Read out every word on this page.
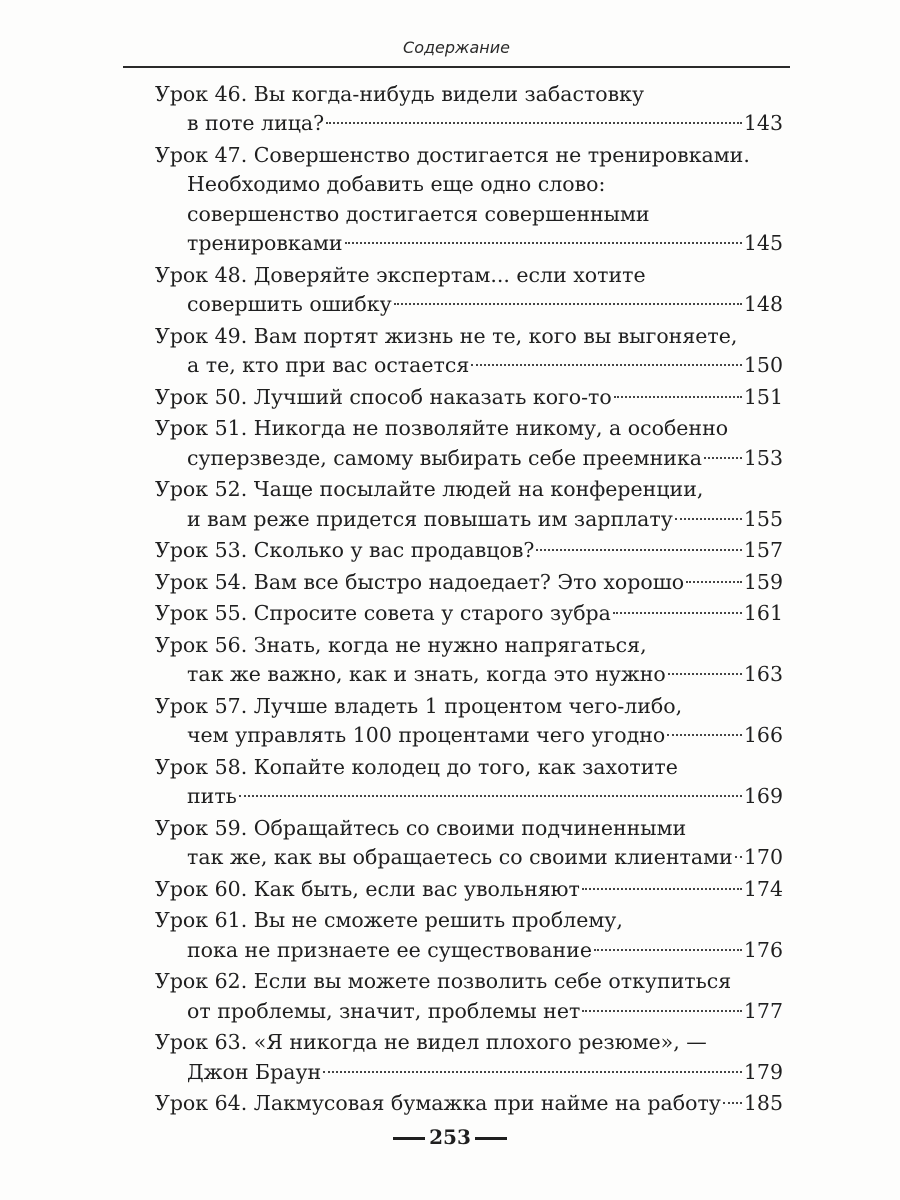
Содержание
Урок 46.
Вы когда-нибудь видели забастовку
в поте лица?	143
Урок 47.
Совершенство достигается не тренировками.
Необходимо добавить еще одно слово:
совершенство достигается совершенными
тренировками	145
Урок 48.
Доверяйте экспертам... если хотите
совершить ошибку	148
Урок 49.
Вам портят жизнь не те, кого вы выгоняете,
а те, кто при вас остается	150
Урок 50.
Лучший способ наказать кого-то	151
Урок 51.
Никогда не позволяйте никому, а особенно
суперзвезде, самому выбирать себе преемника 153
Урок 52.
Чаще посылайте людей на конференции,
и вам реже придется повышать им зарплату	155
Урок 53.
Сколько у вас продавцов?	157
Урок 54.
Вам все быстро надоедает? Это хорошо	159
Урок 55.
Спросите совета у старого зубра	161
Урок 56.
Знать, когда не нужно напрягаться,
так же важно, как и знать, когда это нужно	163
Урок 57.
Лучше владеть 1 процентом чего-либо,
чем управлять 100 процентами чего угодно	166
Урок 58.
Копайте колодец до того, как захотите
пить	169
Урок 59.
Обращайтесь со своими подчиненными
так же, как вы обращаетесь со своими клиентами 170
Урок 60.
Как быть, если вас увольняют	174
Урок 61.
Вы не сможете решить проблему,
пока не признаете ее существование	176
Урок 62.
Если вы можете позволить себе откупиться
от проблемы, значит, проблемы нет	177
Урок 63.
«Я никогда не видел плохого резюме», —
Джон Браун	179
Урок 64.
Лакмусовая бумажка при найме на работу 185
253
